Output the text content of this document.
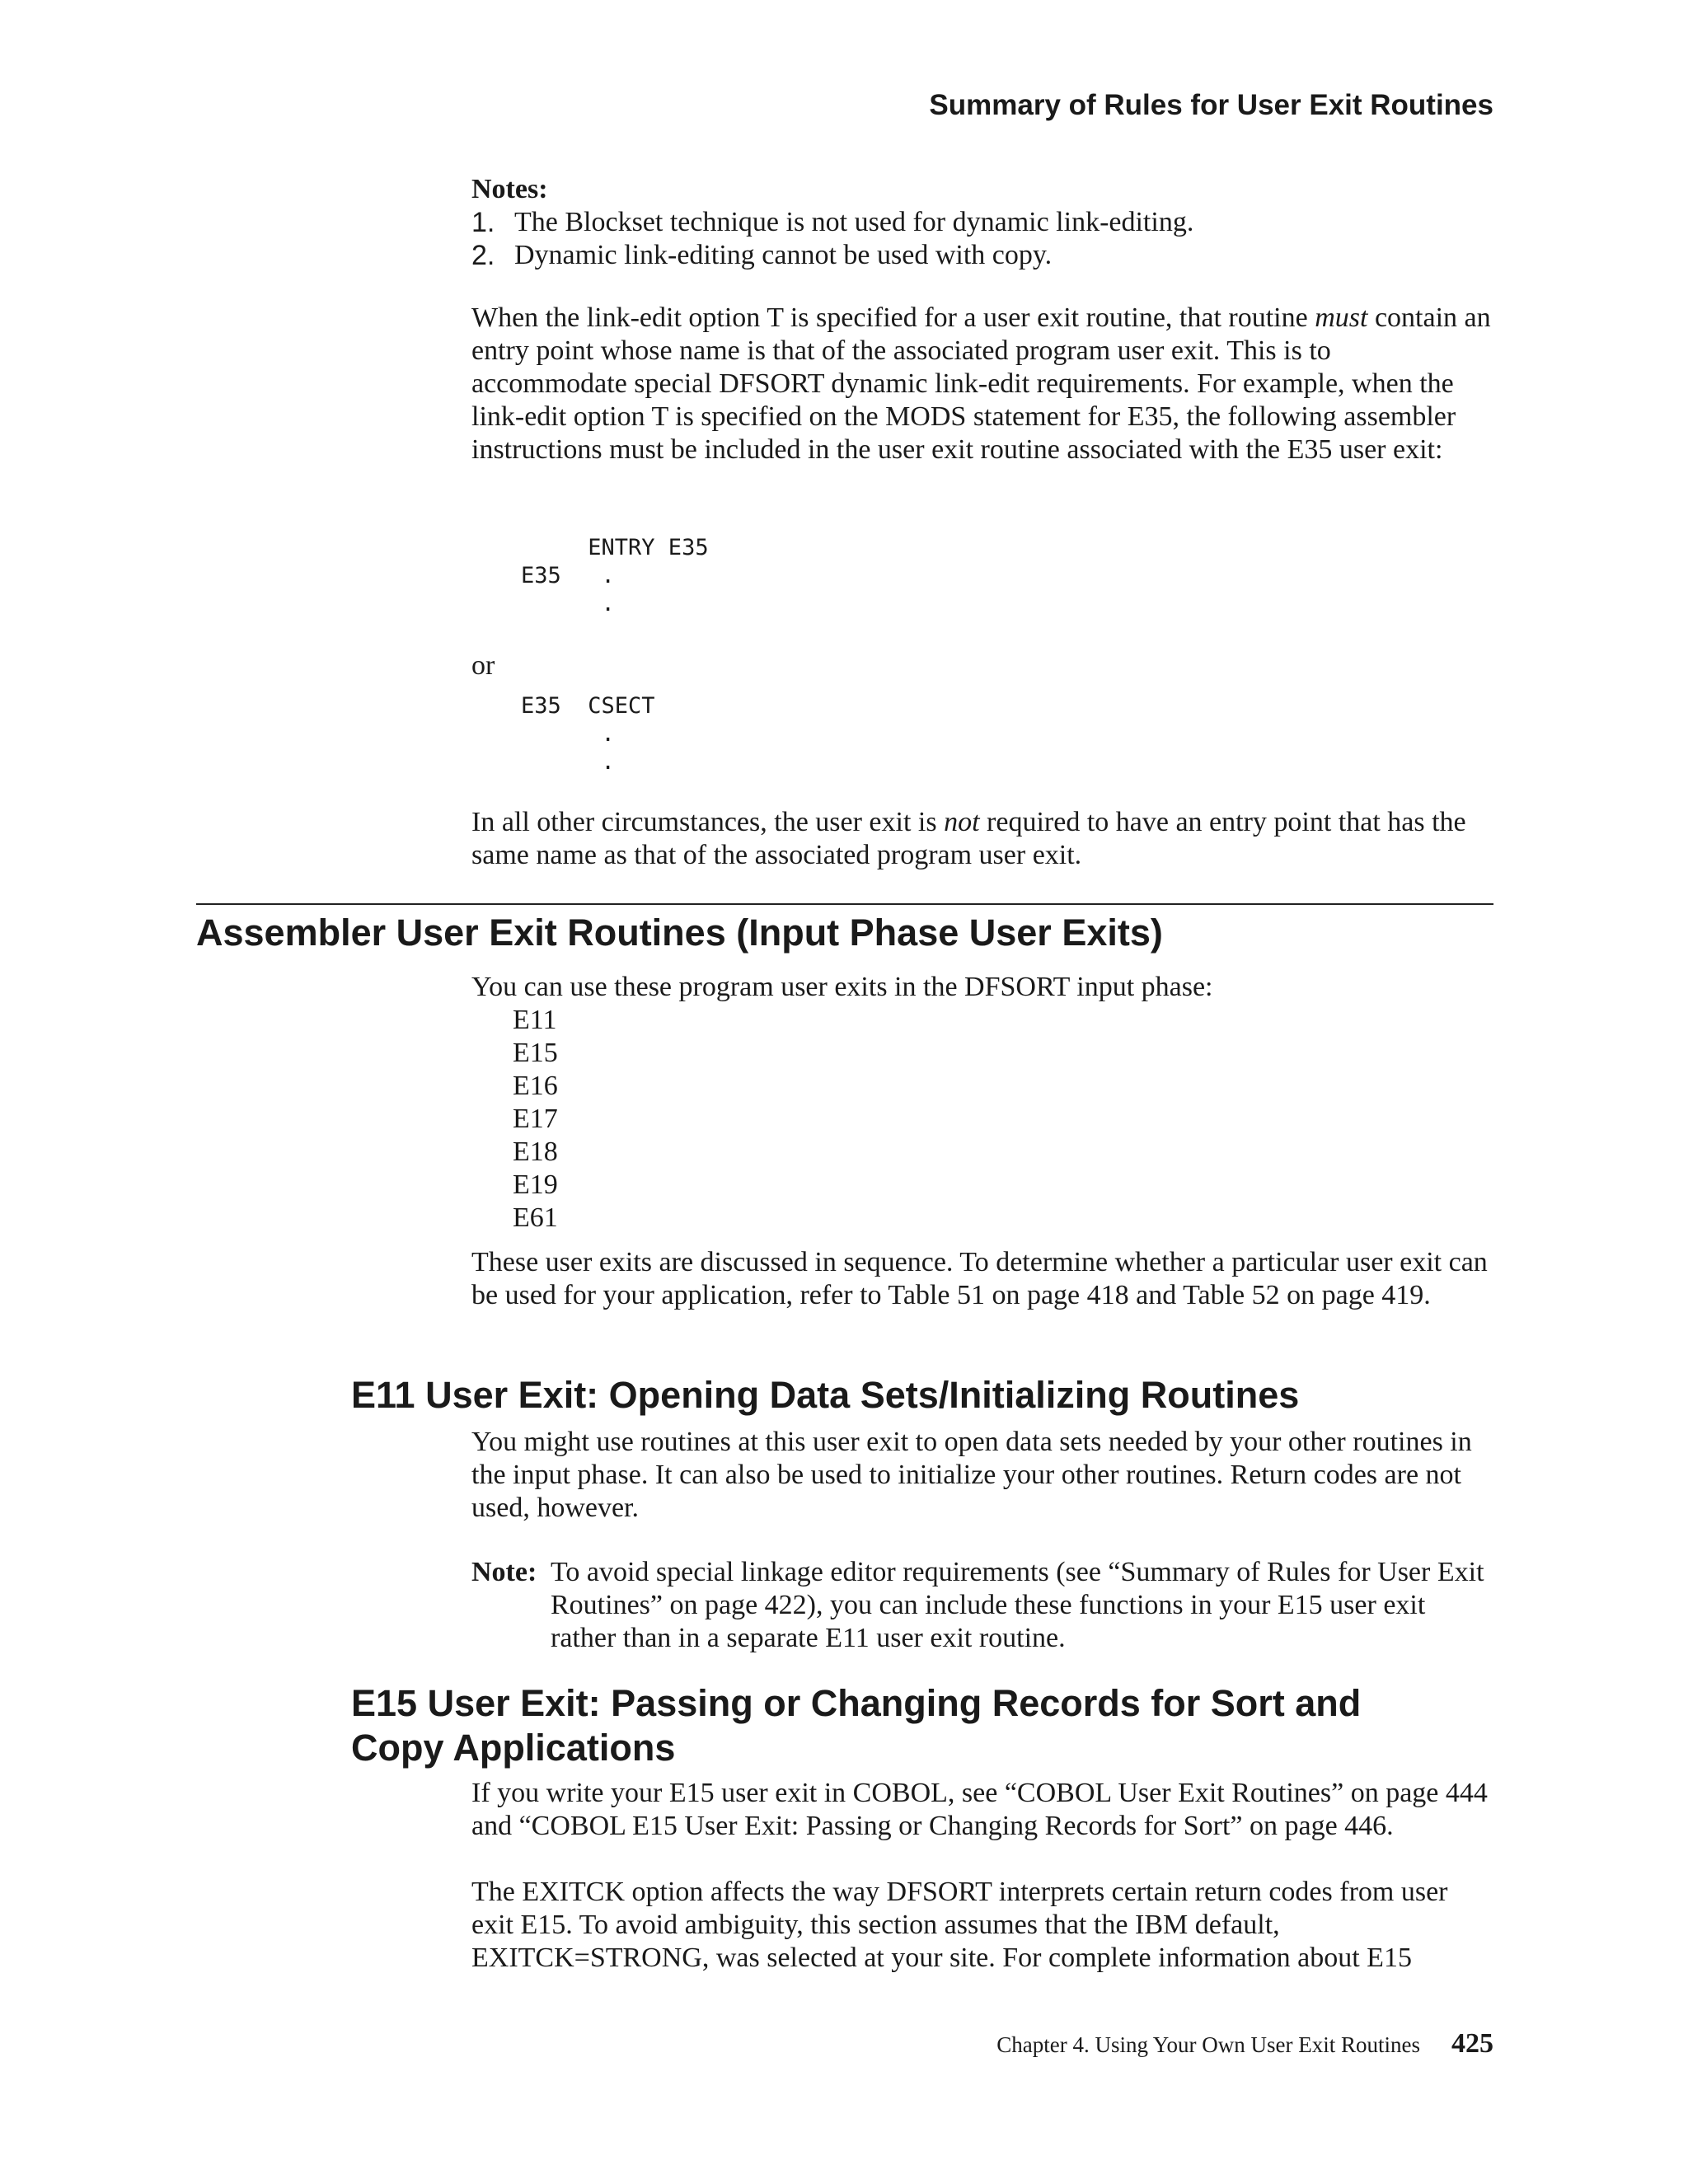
Summary of Rules for User Exit Routines

Notes:

1. The Blockset technique is not used for dynamic link-editing.
2. Dynamic link-editing cannot be used with copy.

When the link-edit option T is specified for a user exit routine, that routine must contain an entry point whose name is that of the associated program user exit. This is to accommodate special DFSORT dynamic link-edit requirements. For example, when the link-edit option T is specified on the MODS statement for E35, the following assembler instructions must be included in the user exit routine associated with the E35 user exit:

ENTRY E35
E35   .
.

or

E35  CSECT
.
.

In all other circumstances, the user exit is not required to have an entry point that has the same name as that of the associated program user exit.

Assembler User Exit Routines (Input Phase User Exits)

You can use these program user exits in the DFSORT input phase:

E11
E15
E16
E17
E18
E19
E61

These user exits are discussed in sequence. To determine whether a particular user exit can be used for your application, refer to Table 51 on page 418 and Table 52 on page 419.

E11 User Exit: Opening Data Sets/Initializing Routines

You might use routines at this user exit to open data sets needed by your other routines in the input phase. It can also be used to initialize your other routines. Return codes are not used, however.

Note: To avoid special linkage editor requirements (see “Summary of Rules for User Exit Routines” on page 422), you can include these functions in your E15 user exit rather than in a separate E11 user exit routine.
E15 User Exit: Passing or Changing Records for Sort and
Copy Applications

If you write your E15 user exit in COBOL, see “COBOL User Exit Routines” on page 444 and “COBOL E15 User Exit: Passing or Changing Records for Sort” on page 446.

The EXITCK option affects the way DFSORT interprets certain return codes from user exit E15. To avoid ambiguity, this section assumes that the IBM default, EXITCK=STRONG, was selected at your site. For complete information about E15

Chapter 4. Using Your Own User Exit Routines 425
